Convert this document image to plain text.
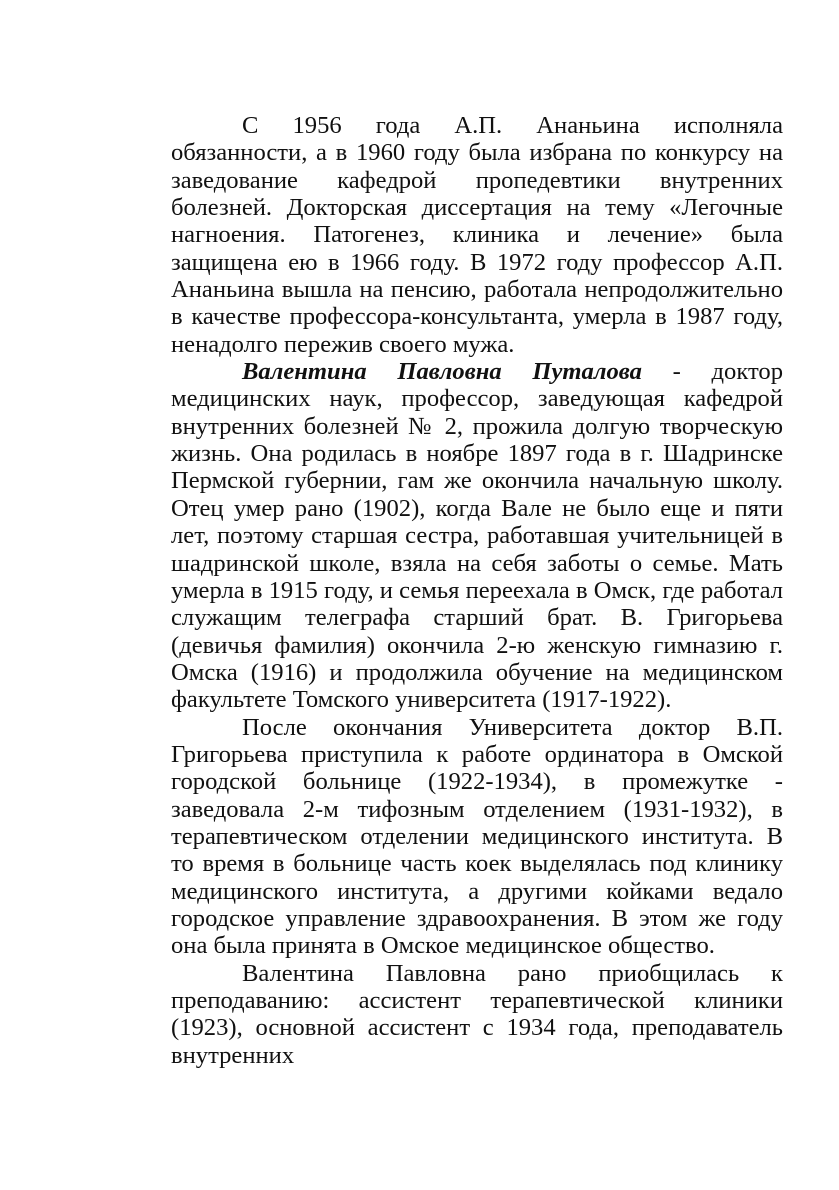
С 1956 года А.П. Ананьина исполняла обязанности, а в 1960 году была избрана по конкурсу на заведование кафедрой пропедевтики внутренних болезней. Докторская диссертация на тему «Легочные нагноения. Патогенез, клиника и лечение» была защищена ею в 1966 году. В 1972 году профессор А.П. Ананьина вышла на пенсию, работала непродолжительно в качестве профессора-консультанта, умерла в 1987 году, ненадолго пережив своего мужа.

Валентина Павловна Путалова - доктор медицинских наук, профессор, заведующая кафедрой внутренних болезней № 2, прожила долгую творческую жизнь. Она родилась в ноябре 1897 года в г. Шадринске Пермской губернии, гам же окончила начальную школу. Отец умер рано (1902), когда Вале не было еще и пяти лет, поэтому старшая сестра, работавшая учительницей в шадринской школе, взяла на себя заботы о семье. Мать умерла в 1915 году, и семья переехала в Омск, где работал служащим телеграфа старший брат. В. Григорьева (девичья фамилия) окончила 2-ю женскую гимназию г. Омска (1916) и продолжила обучение на медицинском факультете Томского университета (1917-1922).

После окончания Университета доктор В.П. Григорьева приступила к работе ординатора в Омской городской больнице (1922-1934), в промежутке - заведовала 2-м тифозным отделением (1931-1932), в терапевтическом отделении медицинского института. В то время в больнице часть коек выделялась под клинику медицинского института, а другими койками ведало городское управление здравоохранения. В этом же году она была принята в Омское медицинское общество.

Валентина Павловна рано приобщилась к преподаванию: ассистент терапевтической клиники (1923), основной ассистент с 1934 года, преподаватель внутренних
